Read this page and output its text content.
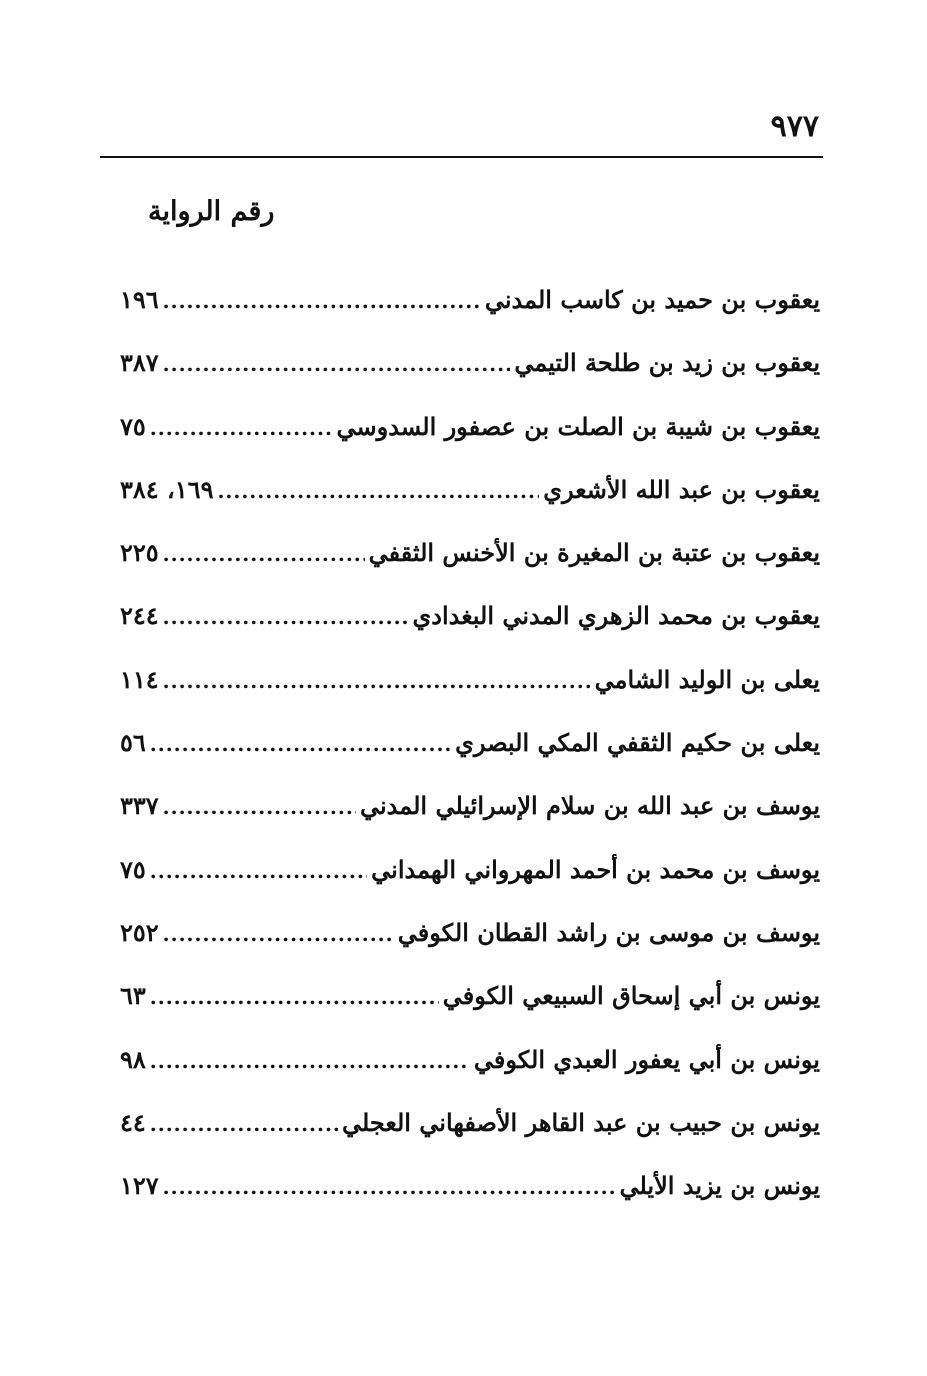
٩٧٧
رقم الرواية
يعقوب بن حميد بن كاسب المدني
.....
١٩٦
يعقوب بن زيد بن طلحة التيمي
.....
٣٨٧
يعقوب بن شيبة بن الصلت بن عصفور السدوسي
.....
٧٥
يعقوب بن عبد الله الأشعري
.....
١٦٩، ٣٨٤
يعقوب بن عتبة بن المغيرة بن الأخنس الثقفي
.....
٢٢٥
يعقوب بن محمد الزهري المدني البغدادي
.....
٢٤٤
يعلى بن الوليد الشامي
.....
١١٤
يعلى بن حكيم الثقفي المكي البصري
.....
٥٦
يوسف بن عبد الله بن سلام الإسرائيلي المدني
.....
٣٣٧
يوسف بن محمد بن أحمد المهرواني الهمداني
.....
٧٥
يوسف بن موسى بن راشد القطان الكوفي
.....
٢٥٢
يونس بن أبي إسحاق السبيعي الكوفي
.....
٦٣
يونس بن أبي يعفور العبدي الكوفي
.....
٩٨
يونس بن حبيب بن عبد القاهر الأصفهاني العجلي
.....
٤٤
يونس بن يزيد الأيلي
.....
١٢٧
